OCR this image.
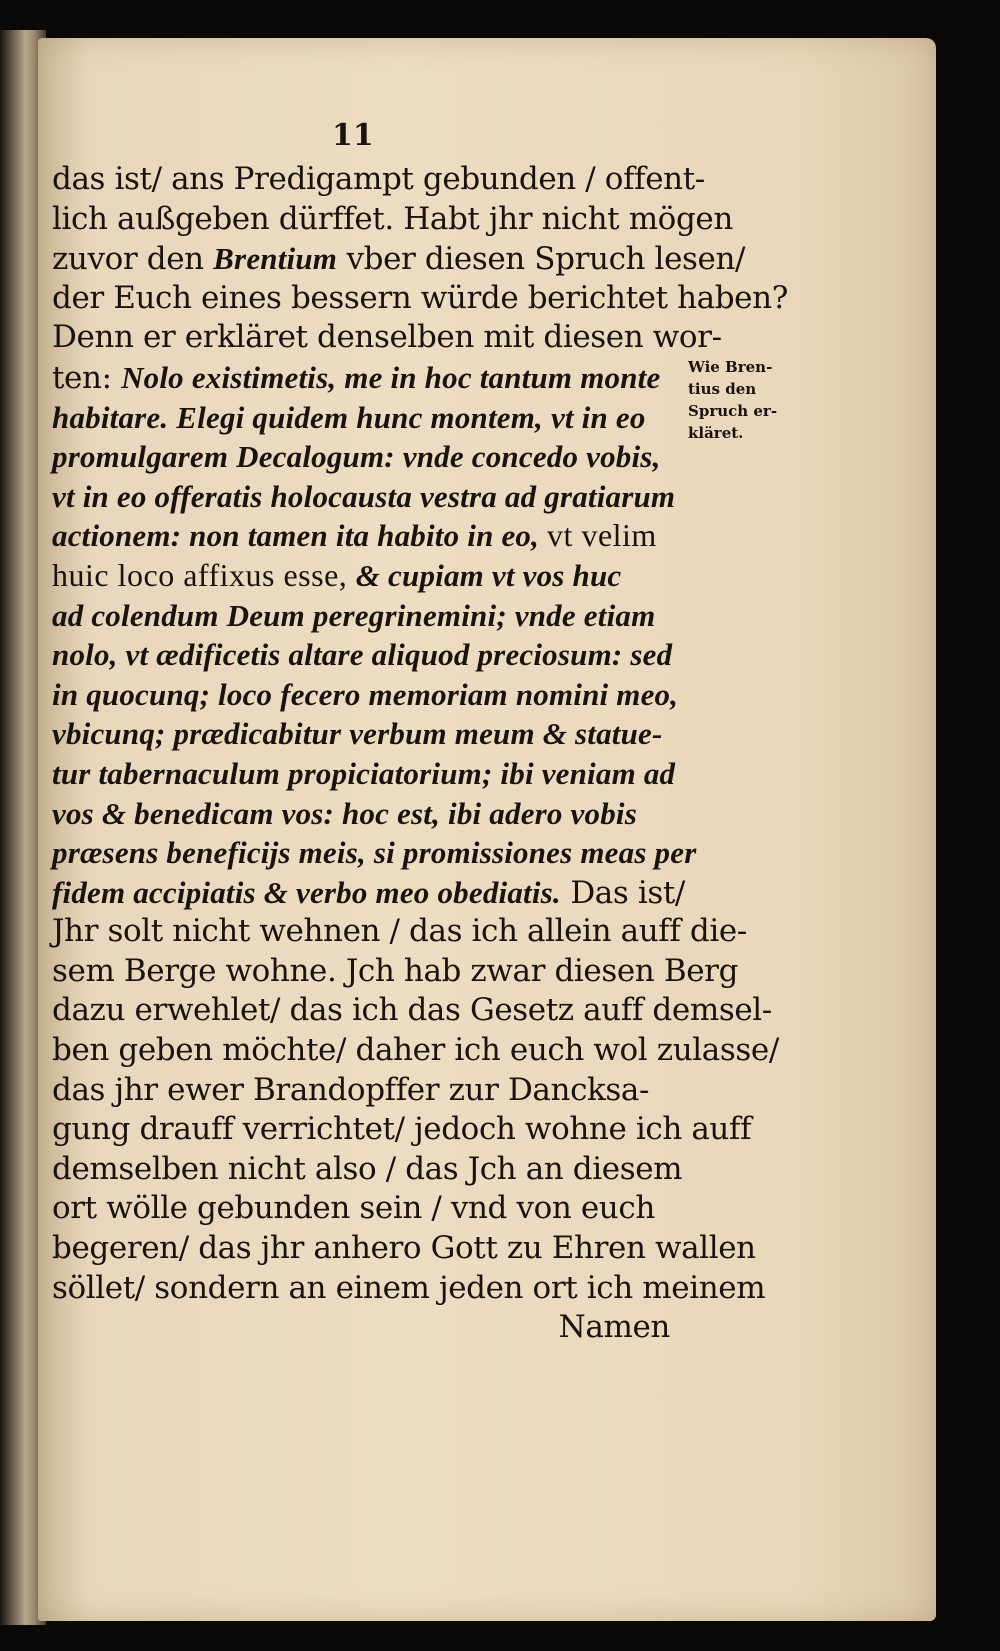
11
das ist/ ans Predigampt gebunden / offent-
lich außgeben dürffet. Habt jhr nicht mögen
zuvor den Brentium vber diesen Spruch lesen/
der Euch eines bessern würde berichtet haben?
Denn er erkläret denselben mit diesen wor-
ten: Nolo existimetis, me in hoc tantum monte
habitare. Elegi quidem hunc montem, vt in eo
promulgarem Decalogum: vnde concedo vobis,
vt in eo offeratis holocausta vestra ad gratiarum
actionem: non tamen ita habito in eo, vt velim
huic loco affixus esse, & cupiam vt vos huc
ad colendum Deum peregrinemini; vnde etiam
nolo, vt ædificetis altare aliquod preciosum: sed
in quocunq; loco fecero memoriam nomini meo,
vbicunq; prædicabitur verbum meum & statue-
tur tabernaculum propiciatorium; ibi veniam ad
vos & benedicam vos: hoc est, ibi adero vobis
præsens beneficijs meis, si promissiones meas per
fidem accipiatis & verbo meo obediatis. Das ist/
Jhr solt nicht wehnen / das ich allein auff die-
sem Berge wohne. Jch hab zwar diesen Berg
dazu erwehlet/ das ich das Gesetz auff demsel-
ben geben möchte/ daher ich euch wol zulasse/
das jhr ewer Brandopffer zur Dancksa-
gung drauff verrichtet/ jedoch wohne ich auff
demselben nicht also / das Jch an diesem
ort wölle gebunden sein / vnd von euch
begeren/ das jhr anhero Gott zu Ehren wallen
söllet/ sondern an einem jeden ort ich meinem
Namen
Wie Bren-
tius den
Spruch er-
kläret.
